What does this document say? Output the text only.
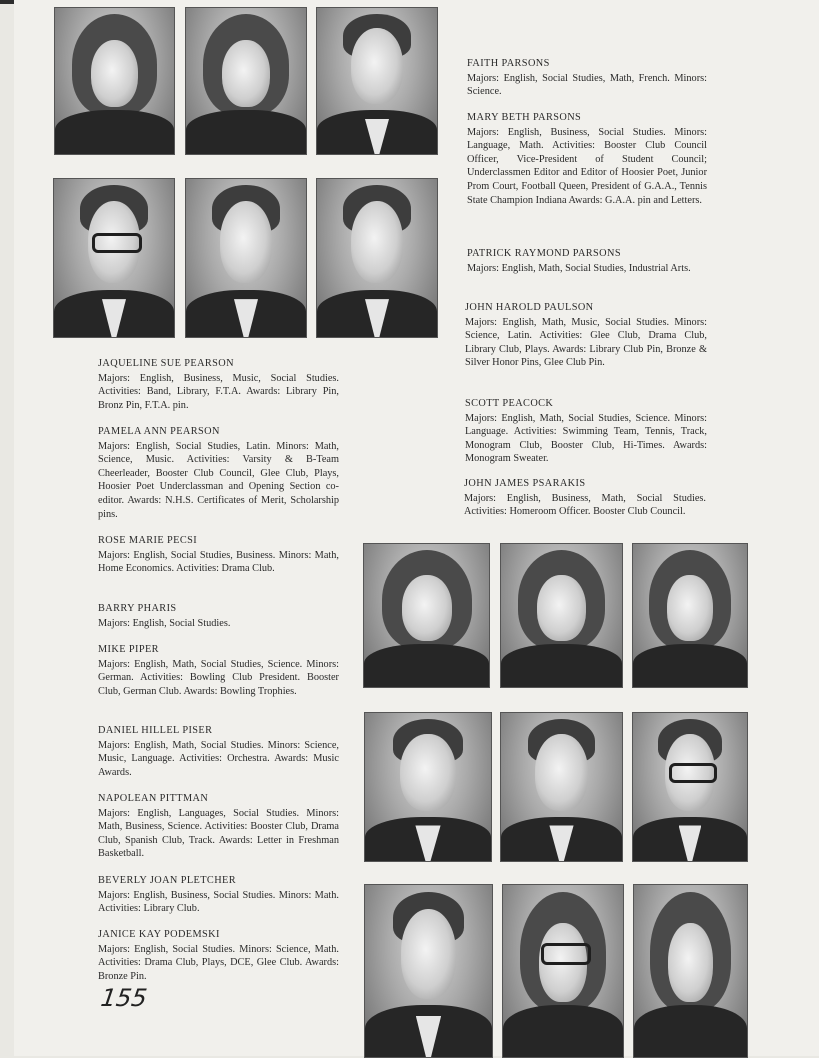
FAITH PARSONS
Majors: English, Social Studies, Math, French. Minors: Science.
MARY BETH PARSONS
Majors: English, Business, Social Studies. Minors: Language, Math. Activities: Booster Club Council Officer, Vice-President of Student Council; Underclassmen Editor and Editor of Hoosier Poet, Junior Prom Court, Football Queen, President of G.A.A., Tennis State Champion Indiana Awards: G.A.A. pin and Letters.
PATRICK RAYMOND PARSONS
Majors: English, Math, Social Studies, Industrial Arts.
JOHN HAROLD PAULSON
Majors: English, Math, Music, Social Studies. Minors: Science, Latin. Activities: Glee Club, Drama Club, Library Club, Plays. Awards: Library Club Pin, Bronze & Silver Honor Pins, Glee Club Pin.
SCOTT PEACOCK
Majors: English, Math, Social Studies, Science. Minors: Language. Activities: Swimming Team, Tennis, Track, Monogram Club, Booster Club, Hi-Times. Awards: Monogram Sweater.
JOHN JAMES PSARAKIS
Majors: English, Business, Math, Social Studies. Activities: Homeroom Officer. Booster Club Council.
JAQUELINE SUE PEARSON
Majors: English, Business, Music, Social Studies. Activities: Band, Library, F.T.A. Awards: Library Pin, Bronz Pin, F.T.A. pin.
PAMELA ANN PEARSON
Majors: English, Social Studies, Latin. Minors: Math, Science, Music. Activities: Varsity & B-Team Cheerleader, Booster Club Council, Glee Club, Plays, Hoosier Poet Underclassman and Opening Section co-editor. Awards: N.H.S. Certificates of Merit, Scholarship pins.
ROSE MARIE PECSI
Majors: English, Social Studies, Business. Minors: Math, Home Economics. Activities: Drama Club.
BARRY PHARIS
Majors: English, Social Studies.
MIKE PIPER
Majors: English, Math, Social Studies, Science. Minors: German. Activities: Bowling Club President. Booster Club, German Club. Awards: Bowling Trophies.
DANIEL HILLEL PISER
Majors: English, Math, Social Studies. Minors: Science, Music, Language. Activities: Orchestra. Awards: Music Awards.
NAPOLEAN PITTMAN
Majors: English, Languages, Social Studies. Minors: Math, Business, Science. Activities: Booster Club, Drama Club, Spanish Club, Track. Awards: Letter in Freshman Basketball.
BEVERLY JOAN PLETCHER
Majors: English, Business, Social Studies. Minors: Math. Activities: Library Club.
JANICE KAY PODEMSKI
Majors: English, Social Studies. Minors: Science, Math. Activities: Drama Club, Plays, DCE, Glee Club. Awards: Bronze Pin.
155
